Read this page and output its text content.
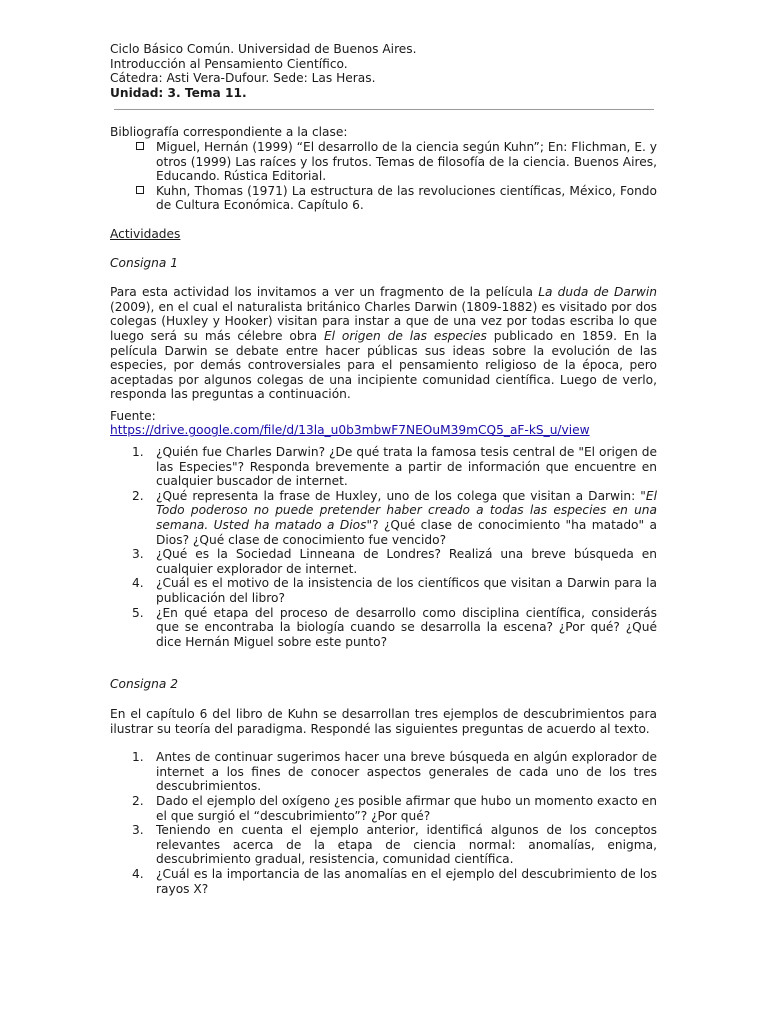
Ciclo Básico Común. Universidad de Buenos Aires.
Introducción al Pensamiento Científico.
Cátedra: Asti Vera-Dufour. Sede: Las Heras.
Unidad: 3. Tema 11.
Bibliografía correspondiente a la clase:
Miguel, Hernán (1999) “El desarrollo de la ciencia según Kuhn”; En: Flichman, E. y otros (1999) Las raíces y los frutos. Temas de filosofía de la ciencia. Buenos Aires, Educando. Rústica Editorial.
Kuhn, Thomas (1971) La estructura de las revoluciones científicas, México, Fondo de Cultura Económica. Capítulo 6.
Actividades
Consigna 1
Para esta actividad los invitamos a ver un fragmento de la película La duda de Darwin (2009), en el cual el naturalista británico Charles Darwin (1809-1882) es visitado por dos colegas (Huxley y Hooker) visitan para instar a que de una vez por todas escriba lo que luego será su más célebre obra El origen de las especies publicado en 1859. En la película Darwin se debate entre hacer públicas sus ideas sobre la evolución de las especies, por demás controversiales para el pensamiento religioso de la época, pero aceptadas por algunos colegas de una incipiente comunidad científica. Luego de verlo, responda las preguntas a continuación.
Fuente:
https://drive.google.com/file/d/13la_u0b3mbwF7NEOuM39mCQ5_aF-kS_u/view
1. ¿Quién fue Charles Darwin? ¿De qué trata la famosa tesis central de "El origen de las Especies"? Responda brevemente a partir de información que encuentre en cualquier buscador de internet.
2. ¿Qué representa la frase de Huxley, uno de los colega que visitan a Darwin: "El Todo poderoso no puede pretender haber creado a todas las especies en una semana. Usted ha matado a Dios"? ¿Qué clase de conocimiento "ha matado" a Dios? ¿Qué clase de conocimiento fue vencido?
3. ¿Qué es la Sociedad Linneana de Londres? Realizá una breve búsqueda en cualquier explorador de internet.
4. ¿Cuál es el motivo de la insistencia de los científicos que visitan a Darwin para la publicación del libro?
5. ¿En qué etapa del proceso de desarrollo como disciplina científica, considerás que se encontraba la biología cuando se desarrolla la escena? ¿Por qué? ¿Qué dice Hernán Miguel sobre este punto?
Consigna 2
En el capítulo 6 del libro de Kuhn se desarrollan tres ejemplos de descubrimientos para ilustrar su teoría del paradigma. Respondé las siguientes preguntas de acuerdo al texto.
1. Antes de continuar sugerimos hacer una breve búsqueda en algún explorador de internet a los fines de conocer aspectos generales de cada uno de los tres descubrimientos.
2. Dado el ejemplo del oxígeno ¿es posible afirmar que hubo un momento exacto en el que surgió el “descubrimiento”? ¿Por qué?
3. Teniendo en cuenta el ejemplo anterior, identificá algunos de los conceptos relevantes acerca de la etapa de ciencia normal: anomalías, enigma, descubrimiento gradual, resistencia, comunidad científica.
4. ¿Cuál es la importancia de las anomalías en el ejemplo del descubrimiento de los rayos X?
